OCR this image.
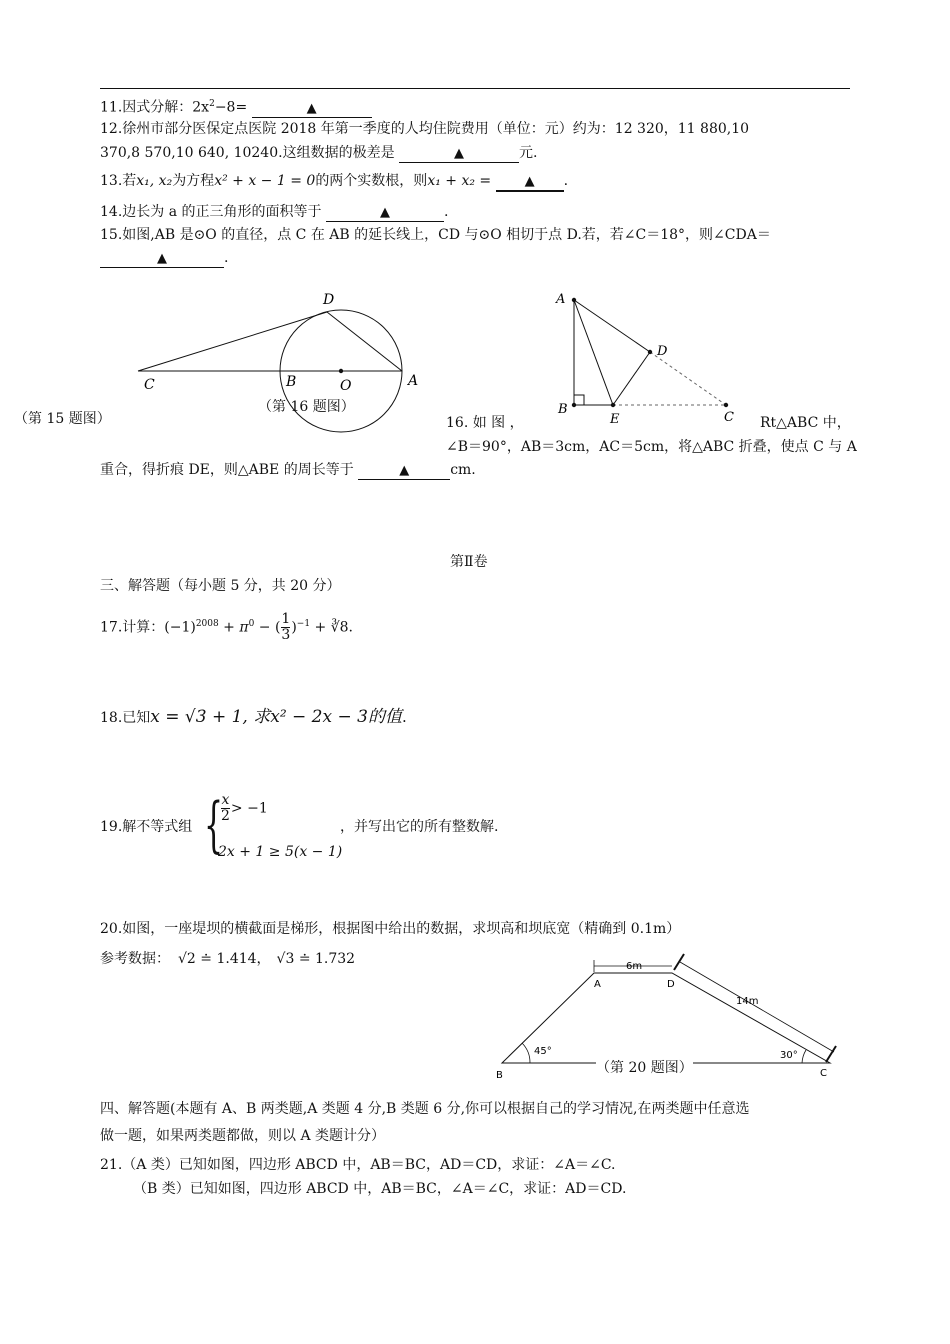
11.因式分解：$2x^2-8=$	▲
12.徐州市部分医保定点医院 2018 年第一季度的人均住院费用（单位：元）约为：12 320，11 880,10
370,8 570,10 640, 10240.这组数据的极差是	▲	元.
13.若x₁, x₂为方程x² + x − 1 = 0的两个实数根，则x₁ + x₂ =	▲ .
14.边长为 a 的正三角形的面积等于	▲	.
15.如图,AB 是⊙O 的直径，点 C 在 AB 的延长线上，CD 与⊙O 相切于点 D.若，若∠C＝18°，则∠CDA＝
▲	.
C	B	O	A
D
（第 16 题图）
（第 15 题图）
A
B
E
D
C
16. 如 图 ，	Rt△ABC 中，
∠B＝90°，AB＝3cm，AC＝5cm，将△ABC 折叠，使点 C 与 A
重合，得折痕 DE，则△ABE 的周长等于	▲	cm.
第Ⅱ卷
三、解答题（每小题 5 分，共 20 分）
17.计算：$(-1)^{2008} + \pi^0$ − ( $\frac{1}{3} )^{-1}$ + ∛8.
18.已知x = √3 + 1, 求x² − 2x − 3的值.
19.解不等式组 {
$\frac{x}{2} > -1$
2x + 1 ≥ 5(x − 1)
，并写出它的所有整数解.
20.如图，一座堤坝的横截面是梯形，根据图中给出的数据，求坝高和坝底宽（精确到 0.1m）
参考数据： √2 ≐ 1.414， √3 ≐ 1.732	6m
14m
A	D
B	C
45°	30°
（第 20 题图）
四、解答题(本题有 A、B 两类题,A 类题 4 分,B 类题 6 分,你可以根据自己的学习情况,在两类题中任意选
做一题，如果两类题都做，则以 A 类题计分）
21.（A 类）已知如图，四边形 ABCD 中，AB＝BC，AD＝CD，求证：∠A＝∠C.
（B 类）已知如图，四边形 ABCD 中，AB＝BC，∠A＝∠C，求证：AD＝CD.
